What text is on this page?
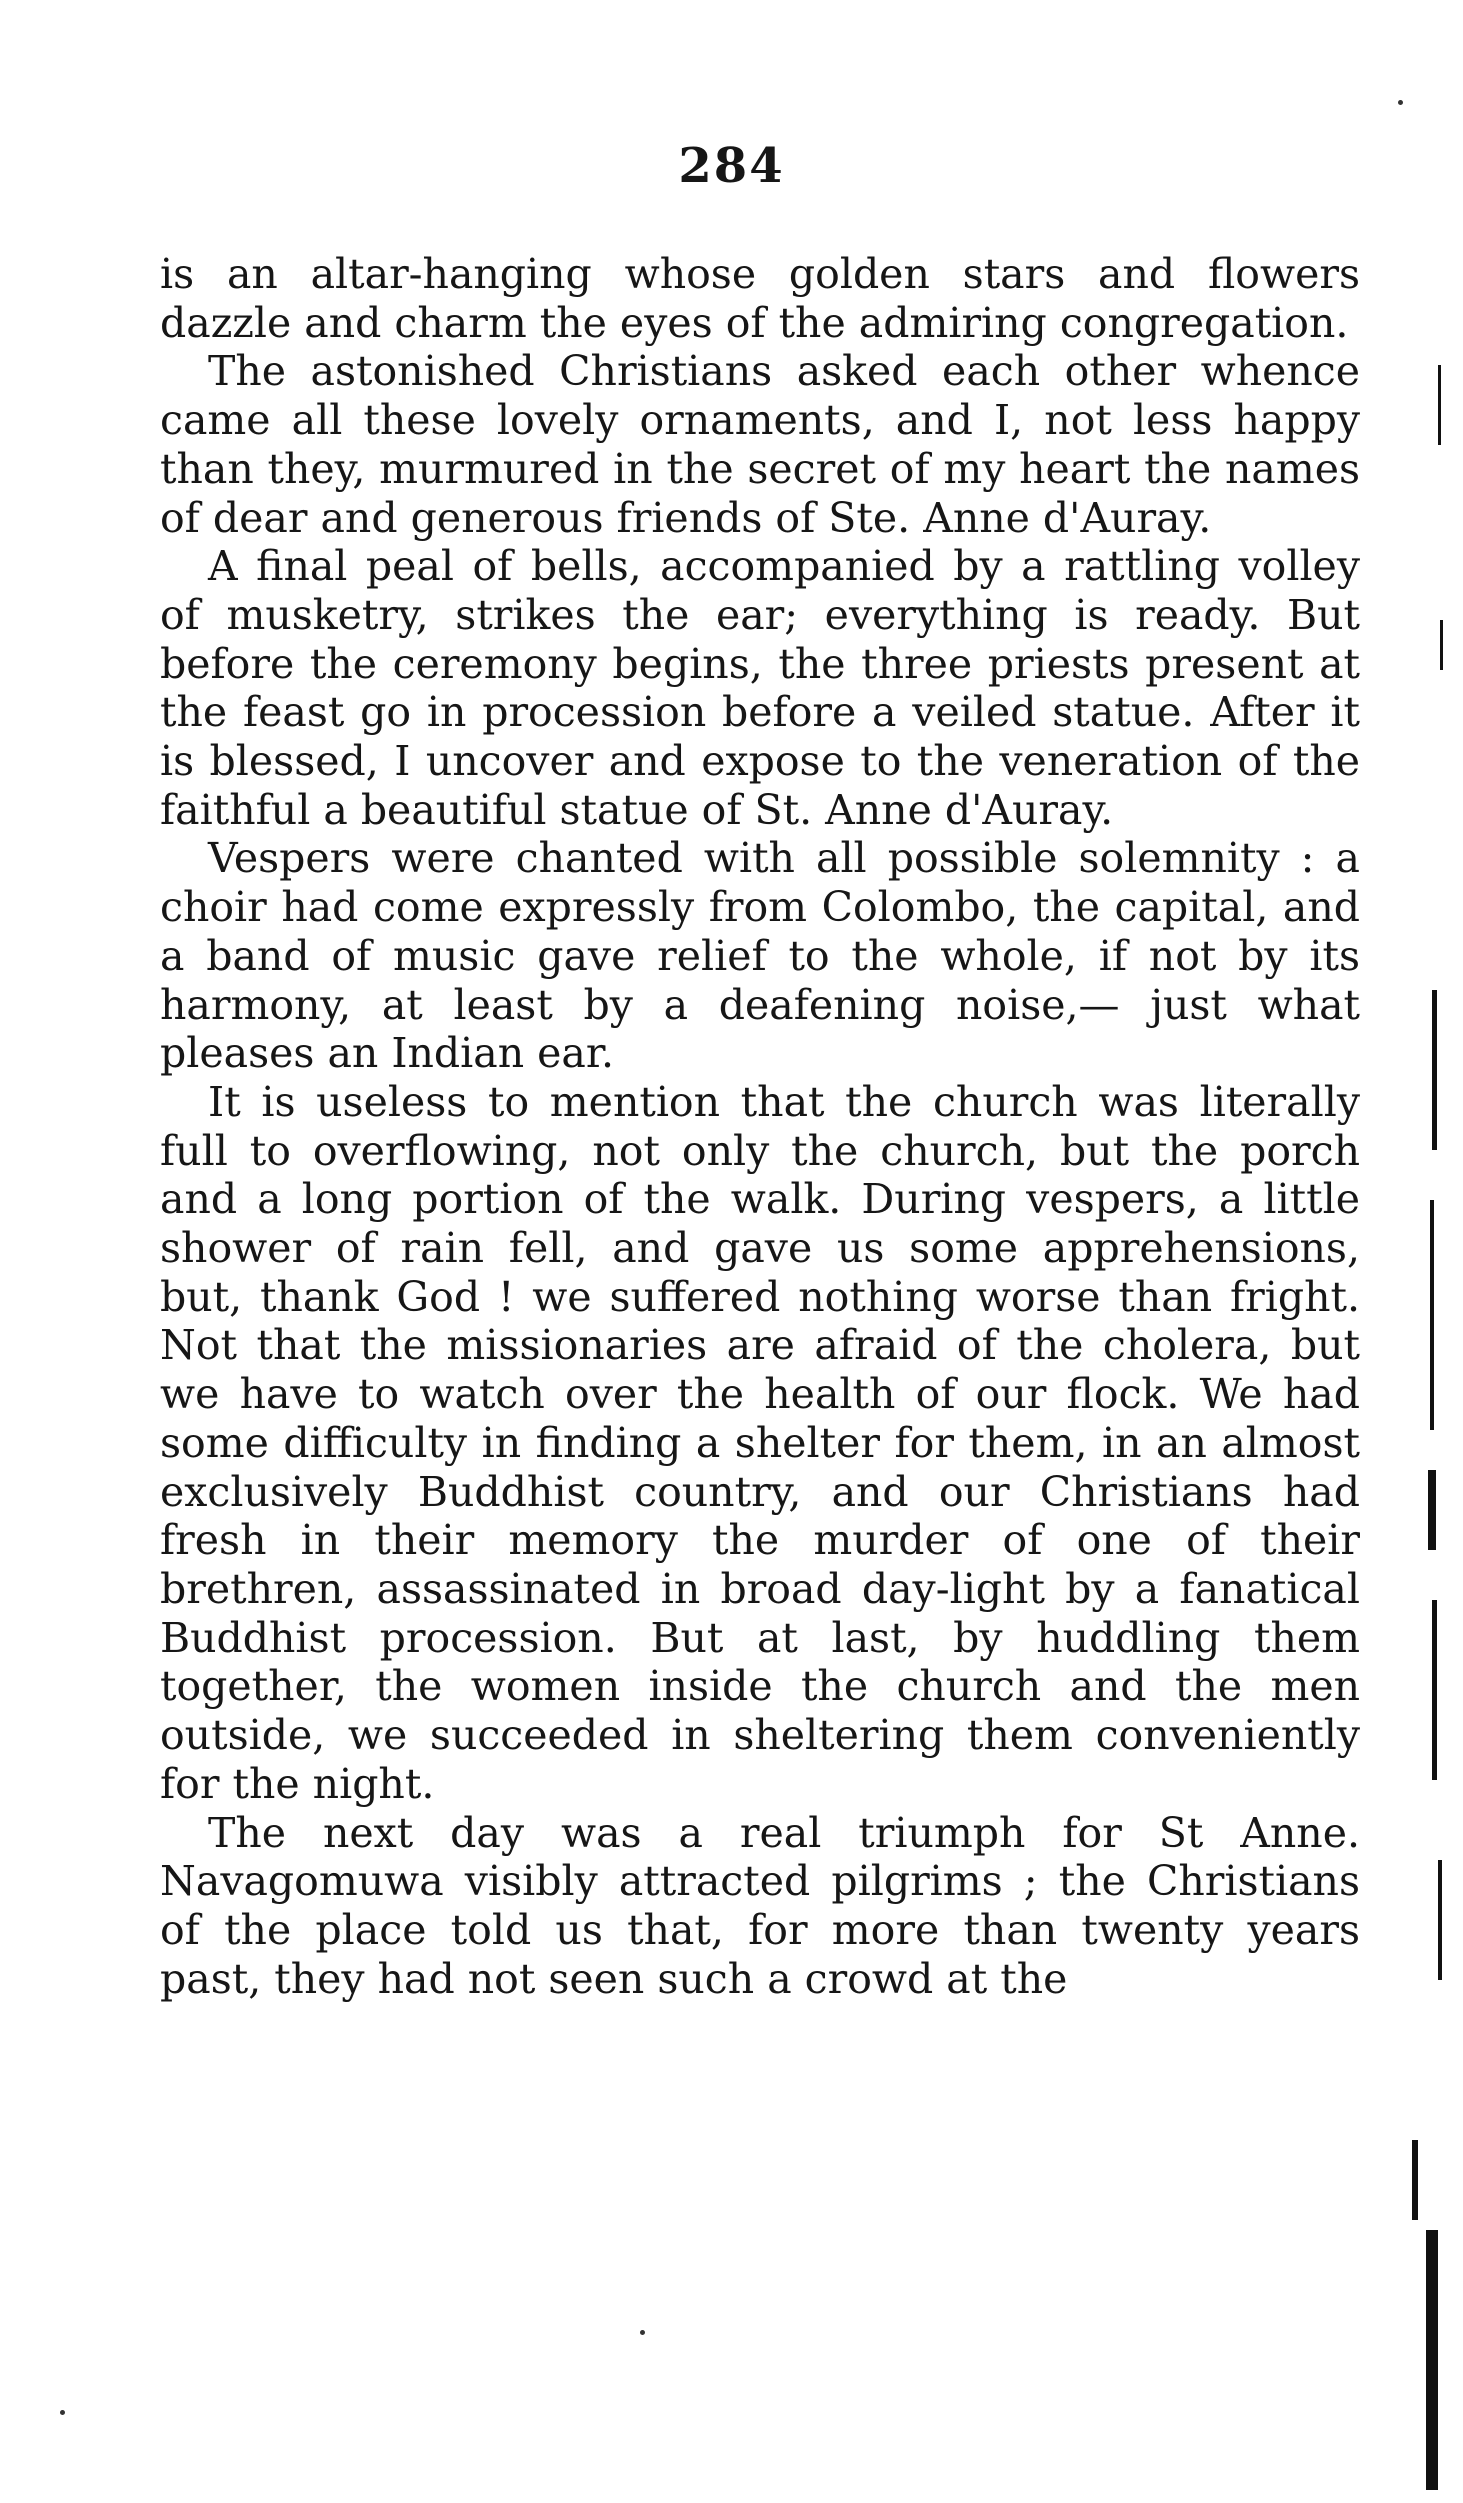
284

is an altar-hanging whose golden stars and flowers dazzle and charm the eyes of the admiring congregation.

The astonished Christians asked each other whence came all these lovely ornaments, and I, not less happy than they, murmured in the secret of my heart the names of dear and generous friends of Ste. Anne d'Auray.

A final peal of bells, accompanied by a rattling volley of musketry, strikes the ear; everything is ready. But before the ceremony begins, the three priests present at the feast go in procession before a veiled statue. After it is blessed, I uncover and expose to the veneration of the faithful a beautiful statue of St. Anne d'Auray.

Vespers were chanted with all possible solemnity : a choir had come expressly from Colombo, the capital, and a band of music gave relief to the whole, if not by its harmony, at least by a deafening noise,— just what pleases an Indian ear.

It is useless to mention that the church was literally full to overflowing, not only the church, but the porch and a long portion of the walk. During vespers, a little shower of rain fell, and gave us some apprehensions, but, thank God ! we suffered nothing worse than fright. Not that the missionaries are afraid of the cholera, but we have to watch over the health of our flock. We had some difficulty in finding a shelter for them, in an almost exclusively Buddhist country, and our Christians had fresh in their memory the murder of one of their brethren, assassinated in broad day-light by a fanatical Buddhist procession. But at last, by huddling them together, the women inside the church and the men outside, we succeeded in sheltering them conveniently for the night.

The next day was a real triumph for St Anne. Navagomuwa visibly attracted pilgrims ; the Christians of the place told us that, for more than twenty years past, they had not seen such a crowd at the
